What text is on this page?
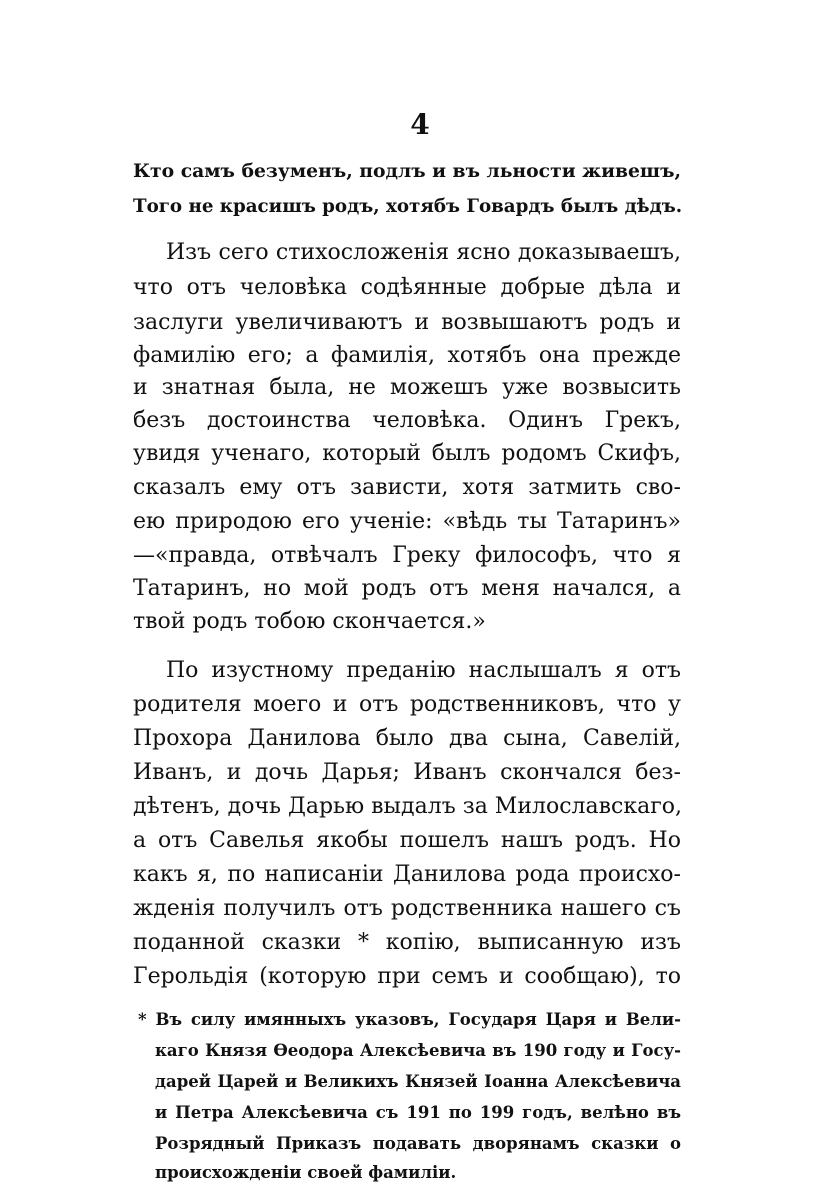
4
Кто самъ безуменъ, подлъ и въ льности живешъ,
Того не красишъ родъ, хотябъ Говардъ былъ дѣдъ.
Изъ сего стихосложенія ясно доказываешъ,
что отъ человѣка содѣянные добрые дѣла и
заслуги увеличиваютъ и возвышаютъ родъ и
фамилію его; а фамилія, хотябъ она прежде
и знатная была, не можешъ уже возвысить
безъ достоинства человѣка. Одинъ Грекъ,
увидя ученаго, который былъ родомъ Скифъ,
сказалъ ему отъ зависти, хотя затмить сво-
ею природою его ученіе: «вѣдь ты Татаринъ»
—«правда, отвѣчалъ Греку философъ, что я
Татаринъ, но мой родъ отъ меня начался, а
твой родъ тобою скончается.»
По изустному преданію наслышалъ я отъ
родителя моего и отъ родственниковъ, что у
Прохора Данилова было два сына, Савелій,
Иванъ, и дочь Дарья; Иванъ скончался без-
дѣтенъ, дочь Дарью выдалъ за Милославскаго,
а отъ Савелья якобы пошелъ нашъ родъ. Но
какъ я, по написаніи Данилова рода происхо-
жденія получилъ отъ родственника нашего съ
поданной сказки * копію, выписанную изъ
Герольдія (которую при семъ и сообщаю), то
* Въ силу имянныхъ указовъ, Государя Царя и Вели-
каго Князя Ѳеодора Алексѣевича въ 190 году и Госу-
дарей Царей и Великихъ Князей Іоанна Алексѣевича
и Петра Алексѣевича съ 191 по 199 годъ, велѣно въ
Розрядный Приказъ подавать дворянамъ сказки о
происхожденіи своей фамиліи.
